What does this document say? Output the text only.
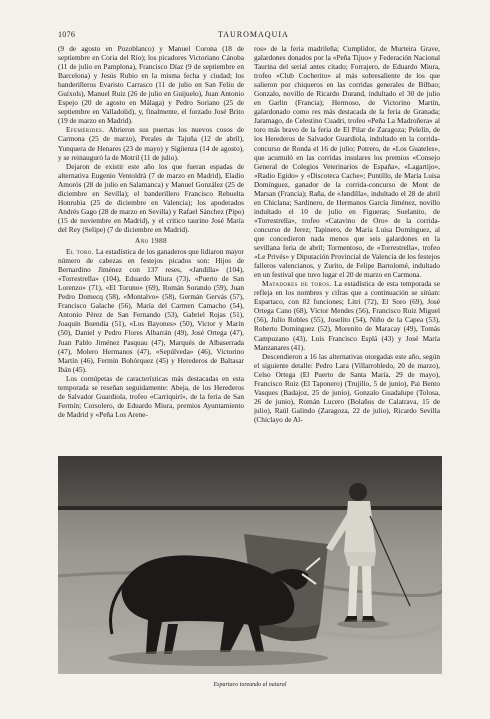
1076	TAUROMAQUIA

(9 de agosto en Pozoblanco) y Manuel Corona (18 de septiembre en Coria del Río); los picadores Victoriano Cánoba (11 de julio en Pamplona), Francisco Díaz (9 de septiembre en Barcelona) y Jesús Rubio en la misma fecha y ciudad; los banderilleros Evaristo Carrasco (11 de julio en San Feliu de Guíxols), Manuel Ruiz (26 de julio en Guijuelo), Juan Antonio Espejo (20 de agosto en Málaga) y Pedro Soriano (25 de septiembre en Valladolid), y, finalmente, el forzado José Brito (19 de marzo en Madrid).

Efemérides. Abrieron sus puertas los nuevos cosos de Carmona (25 de marzo), Perales de Tajuña (12 de abril), Yunquera de Henares (23 de mayo) y Sigüenza (14 de agosto), y se reinauguró la de Motril (11 de julio).

Dejaron de existir este año los que fueran espadas de alternativa Eugenio Ventoldrà (7 de marzo en Madrid), Eladio Amorós (28 de julio en Salamanca) y Manuel González (25 de diciembre en Sevilla); el banderillero Francisco Rebuelta Honrubia (25 de diciembre en Valencia); los apoderados Andrés Gago (28 de marzo en Sevilla) y Rafael Sánchez (Pipo) (15 de noviembre en Madrid), y el crítico taurino José María del Rey (Selipe) (7 de diciembre en Madrid).

Año 1988

El toro. La estadística de los ganaderos que lidiaron mayor número de cabezas en festejos picados son: Hijos de Bernardino Jiménez con 137 reses, «Jandilla» (104), «Torrestrella» (104), Eduardo Miura (73), «Puerto de San Lorenzo» (71), «El Toruno» (69), Román Sorando (59), Juan Pedro Domecq (58), «Montalvo» (58), Germán Gervás (57), Francisco Galache (56), María del Carmen Camacho (54), Antonio Pérez de San Fernando (53), Gabriel Rojas (51), Joaquín Buendía (51), «Los Bayones» (50), Victor y Marín (50), Daniel y Pedro Flores Albarrán (49), José Ortega (47), Juan Pablo Jiménez Pasquau (47), Marqués de Albaserrada (47), Molero Hermanos (47), «Sepúlveda» (46), Victorino Martín (46), Fermín Bohórquez (45) y Herederos de Baltasar Ibán (45).

Los cornúpetas de características más destacadas en esta temporada se reseñan seguidamente: Abeja, de los Herederos de Salvador Guardiola, trofeo «Carriquirí», de la feria de San Fermín; Corsolero, de Eduardo Miura, premios Ayuntamiento de Madrid y «Peña Los Arene-

ros» de la feria madrileña; Cumplidor, de Murteira Grave, galardones donados por la «Peña Tijuo» y Federación Nacional Taurina del serial antes citado; Forrajero, de Eduardo Miura, trofeo «Club Cocherito» al más sobresaliente de los que salieron por chiqueros en las corridas generales de Bilbao; Gonzalo, novillo de Ricardo Durand, indultado el 30 de julio en Garlin (Francia); Hermoso, de Victorino Martín, galardonado como res más destacada de la feria de Granada; Jaramago, de Celestino Cuadri, trofeo «Peña La Madroñera» al toro más bravo de la feria de El Pilar de Zaragoza; Pelelín, de los Herederos de Salvador Guardiola, indultado en la corrida-concurso de Ronda el 16 de julio; Potrero, de «Los Guateles», que acumuló en las corridas insulares los premios «Consejo General de Colegios Veterinarios de España», «Lagartijo», «Radio Egido» y «Discoteca Cache»; Puntillo, de María Luisa Domínguez, ganador de la corrida-concurso de Mont de Marsan (Francia); Raña, de «Jandilla», indultado el 28 de abril en Chiclana; Sardinero, de Hermanos García Jiménez, novillo indultado el 10 de julio en Figueras; Suelanito, de «Torrestrella», trofeo «Catavino de Oro» de la corrida-concurso de Jerez; Tapinero, de María Luisa Domínguez, al que concedieron nada menos que seis galardones en la sevillana feria de abril; Tormentoso, de «Torrestrella», trofeo «Le Privés» y Diputación Provincial de Valencia de los festejos falleros valencianos, y Zurito, de Felipe Bartolomé, indultado en un festival que tuvo lugar el 20 de marzo en Carmona.

Matadores de toros. La estadística de esta temporada se refleja en los nombres y cifras que a continuación se sitúan: Espartaco, con 82 funciones; Litri (72), El Soro (69), José Ortega Cano (68), Víctor Mendes (56), Francisco Ruiz Miguel (56), Julio Robles (55), Joselito (54), Niño de la Capea (53), Roberto Domínguez (52), Moreníto de Maracay (49), Tomás Campuzano (43), Luis Francisco Esplá (43) y José María Manzanares (41).

Descendieron a 16 las alternativas otorgadas este año, según el siguiente detalle: Pedro Lara (Villarrobledo, 20 de marzo), Celso Ortega (El Puerto de Santa María, 29 de mayo), Francisco Ruiz (El Taponero) (Trujillo, 5 de junio), Pai Bento Vasques (Badajoz, 25 de junio), Gonzalo Guadalupe (Tolosa, 26 de junio), Román Lucero (Bolaños de Calatrava, 15 de julio), Raúl Galindo (Zaragoza, 22 de julio), Ricardo Sevilla (Chiclayo de Al-

Espartaco toreando al natural
